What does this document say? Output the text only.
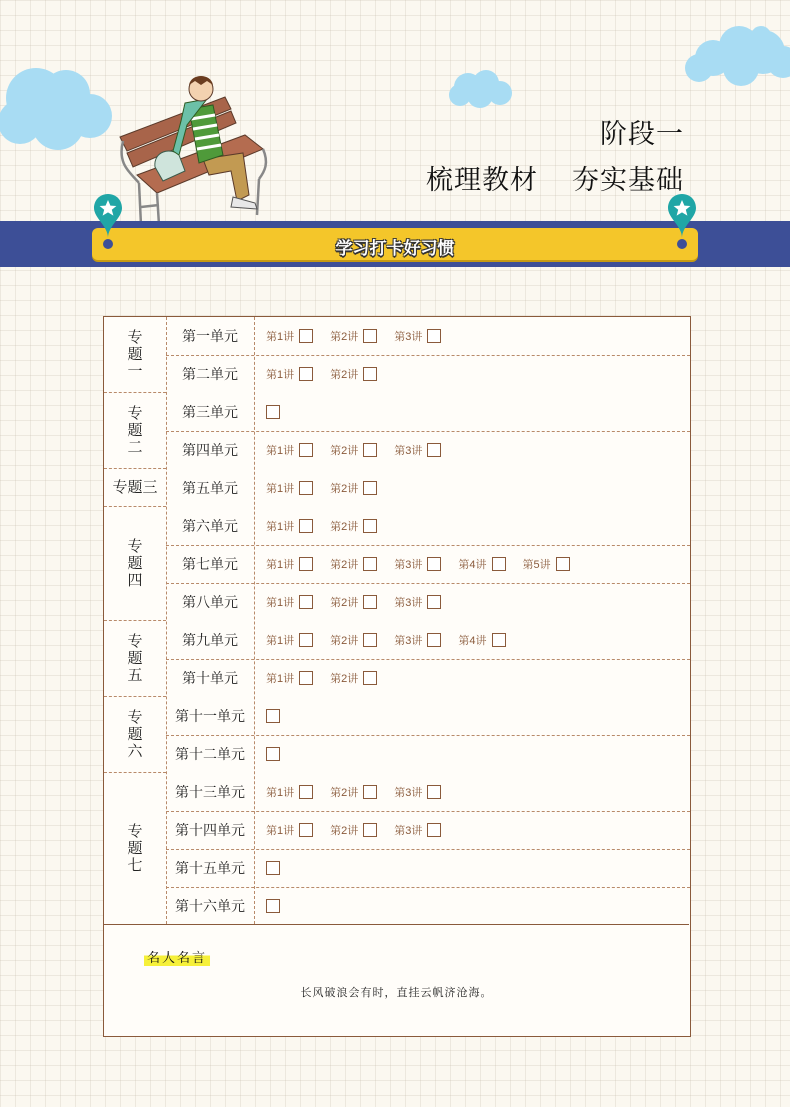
阶段一
梳理教材    夯实基础
学习打卡好习惯
专题一
第一单元	第1讲	第2讲	第3讲
第二单元	第1讲	第2讲
专题二
第三单元
第四单元	第1讲	第2讲	第3讲
专题三	第五单元	第1讲	第2讲
专题四
第六单元	第1讲	第2讲
第七单元	第1讲	第2讲	第3讲	第4讲	第5讲
第八单元	第1讲	第2讲	第3讲
专题五
第九单元	第1讲	第2讲	第3讲	第4讲
第十单元	第1讲	第2讲
专题六
第十一单元
第十二单元
专题七
第十三单元	第1讲	第2讲	第3讲
第十四单元	第1讲	第2讲	第3讲
第十五单元
第十六单元
名人名言
长风破浪会有时，直挂云帆济沧海。
